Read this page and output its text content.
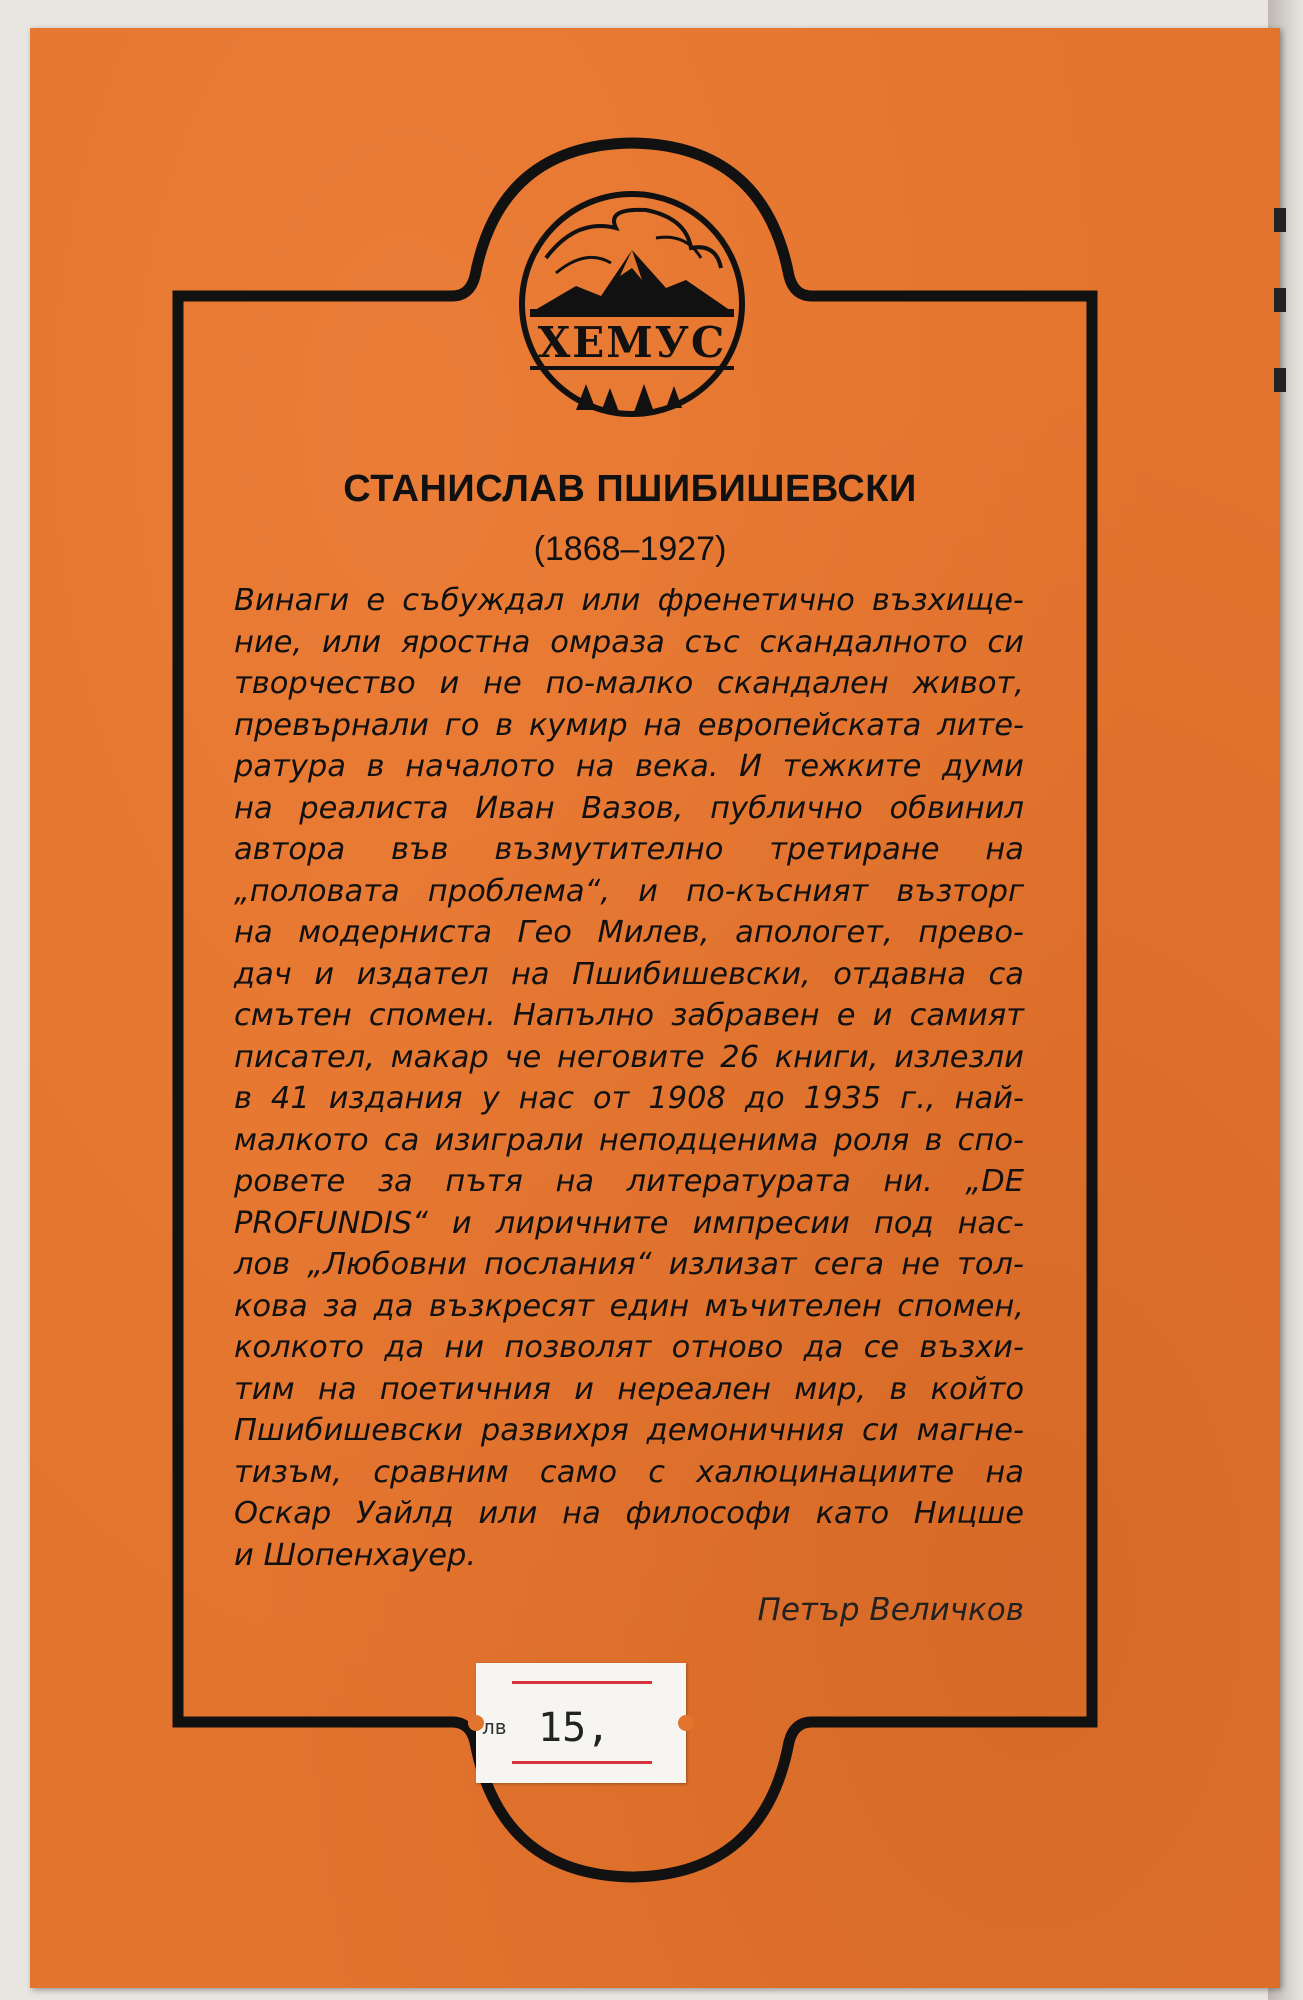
ХЕМУС
СТАНИСЛАВ ПШИБИШЕВСКИ
(1868–1927)
Винаги е събуждал или френетично възхище-
ние, или яростна омраза със скандалното си
творчество и не по-малко скандален живот,
превърнали го в кумир на европейската лите-
ратура в началото на века. И тежките думи
на реалиста Иван Вазов, публично обвинил
автора във възмутително третиране на
„половата проблема“, и по-късният възторг
на модерниста Гео Милев, апологет, прево-
дач и издател на Пшибишевски, отдавна са
смътен спомен. Напълно забравен е и самият
писател, макар че неговите 26 книги, излезли
в 41 издания у нас от 1908 до 1935 г., най-
малкото са изиграли неподценима роля в спо-
ровете за пътя на литературата ни. „DE
PROFUNDIS“ и лиричните импресии под нас-
лов „Любовни послания“ излизат сега не тол-
кова за да възкресят един мъчителен спомен,
колкото да ни позволят отново да се възхи-
тим на поетичния и нереален мир, в който
Пшибишевски развихря демоничния си магне-
тизъм, сравним само с халюцинациите на
Оскар Уайлд или на философи като Ницше
и Шопенхауер.
Петър Величков
лв 15,
